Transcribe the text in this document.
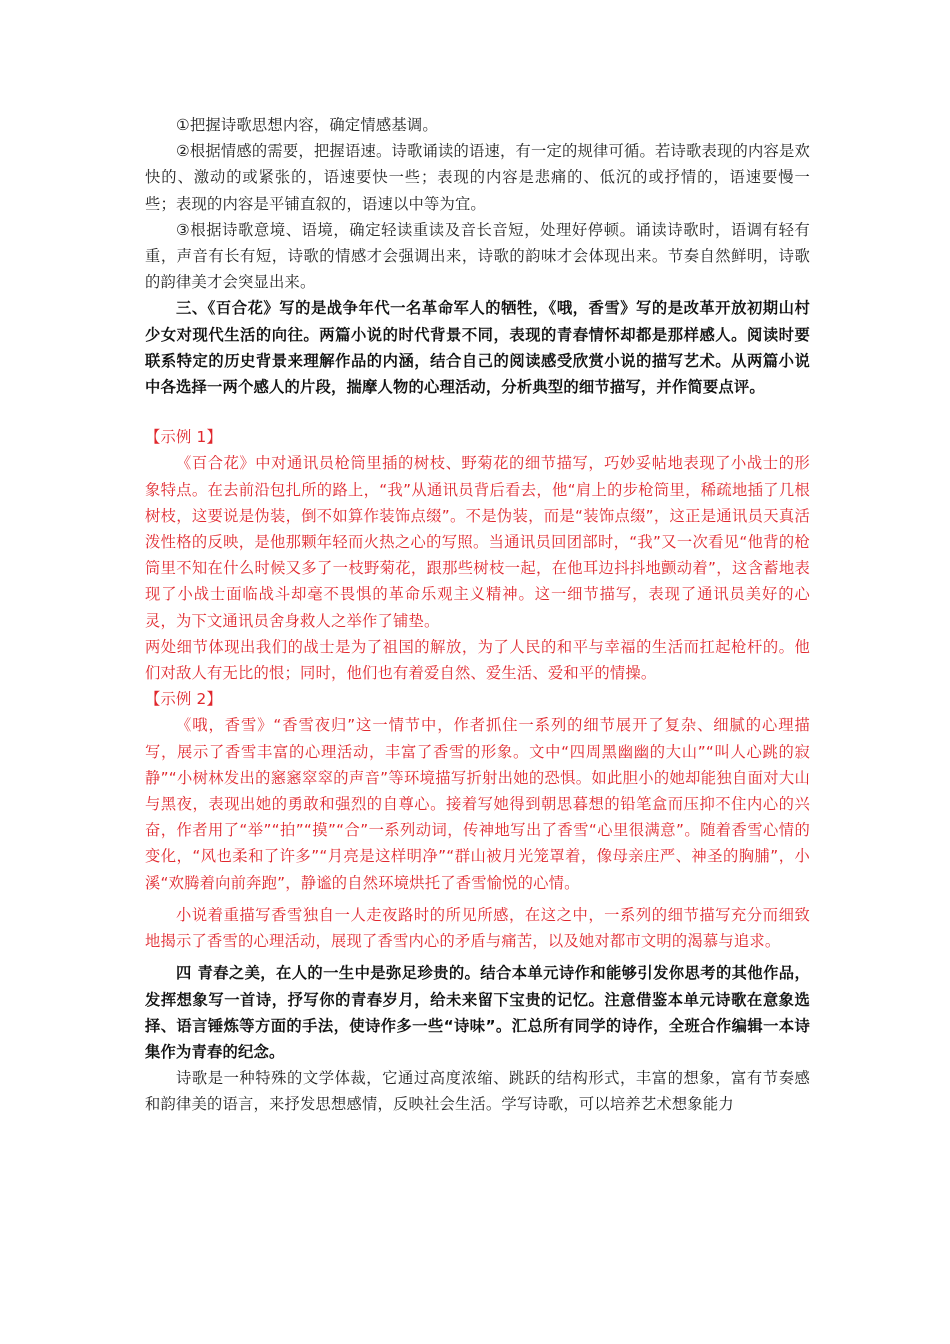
①把握诗歌思想内容，确定情感基调。

②根据情感的需要，把握语速。诗歌诵读的语速，有一定的规律可循。若诗歌表现的内容是欢快的、激动的或紧张的，语速要快一些；表现的内容是悲痛的、低沉的或抒情的，语速要慢一些；表现的内容是平铺直叙的，语速以中等为宜。

③根据诗歌意境、语境，确定轻读重读及音长音短，处理好停顿。诵读诗歌时，语调有轻有重，声音有长有短，诗歌的情感才会强调出来，诗歌的韵味才会体现出来。节奏自然鲜明，诗歌的韵律美才会突显出来。

三、《百合花》写的是战争年代一名革命军人的牺牲，《哦，香雪》写的是改革开放初期山村少女对现代生活的向往。两篇小说的时代背景不同，表现的青春情怀却都是那样感人。阅读时要联系特定的历史背景来理解作品的内涵，结合自己的阅读感受欣赏小说的描写艺术。从两篇小说中各选择一两个感人的片段，揣摩人物的心理活动，分析典型的细节描写，并作简要点评。

【示例 1】

《百合花》中对通讯员枪筒里插的树枝、野菊花的细节描写，巧妙妥帖地表现了小战士的形象特点。在去前沿包扎所的路上，“我”从通讯员背后看去，他“肩上的步枪筒里，稀疏地插了几根树枝，这要说是伪装，倒不如算作装饰点缀”。不是伪装，而是“装饰点缀”，这正是通讯员天真活泼性格的反映，是他那颗年轻而火热之心的写照。当通讯员回团部时，“我”又一次看见“他背的枪筒里不知在什么时候又多了一枝野菊花，跟那些树枝一起，在他耳边抖抖地颤动着”，这含蓄地表现了小战士面临战斗却毫不畏惧的革命乐观主义精神。这一细节描写，表现了通讯员美好的心灵，为下文通讯员舍身救人之举作了铺垫。

两处细节体现出我们的战士是为了祖国的解放，为了人民的和平与幸福的生活而扛起枪杆的。他们对敌人有无比的恨；同时，他们也有着爱自然、爱生活、爱和平的情操。

【示例 2】

《哦，香雪》“香雪夜归”这一情节中，作者抓住一系列的细节展开了复杂、细腻的心理描写，展示了香雪丰富的心理活动，丰富了香雪的形象。文中“四周黑幽幽的大山”“叫人心跳的寂静”“小树林发出的窸窸窣窣的声音”等环境描写折射出她的恐惧。如此胆小的她却能独自面对大山与黑夜，表现出她的勇敢和强烈的自尊心。接着写她得到朝思暮想的铅笔盒而压抑不住内心的兴奋，作者用了“举”“拍”“摸”“合”一系列动词，传神地写出了香雪“心里很满意”。随着香雪心情的变化，“风也柔和了许多”“月亮是这样明净”“群山被月光笼罩着，像母亲庄严、神圣的胸脯”，小溪“欢腾着向前奔跑”，静谧的自然环境烘托了香雪愉悦的心情。

小说着重描写香雪独自一人走夜路时的所见所感，在这之中，一系列的细节描写充分而细致地揭示了香雪的心理活动，展现了香雪内心的矛盾与痛苦，以及她对都市文明的渴慕与追求。

四 青春之美，在人的一生中是弥足珍贵的。结合本单元诗作和能够引发你思考的其他作品，发挥想象写一首诗，抒写你的青春岁月，给未来留下宝贵的记忆。注意借鉴本单元诗歌在意象选择、语言锤炼等方面的手法，使诗作多一些“诗味”。汇总所有同学的诗作，全班合作编辑一本诗集作为青春的纪念。

诗歌是一种特殊的文学体裁，它通过高度浓缩、跳跃的结构形式，丰富的想象，富有节奏感和韵律美的语言，来抒发思想感情，反映社会生活。学写诗歌，可以培养艺术想象能力
